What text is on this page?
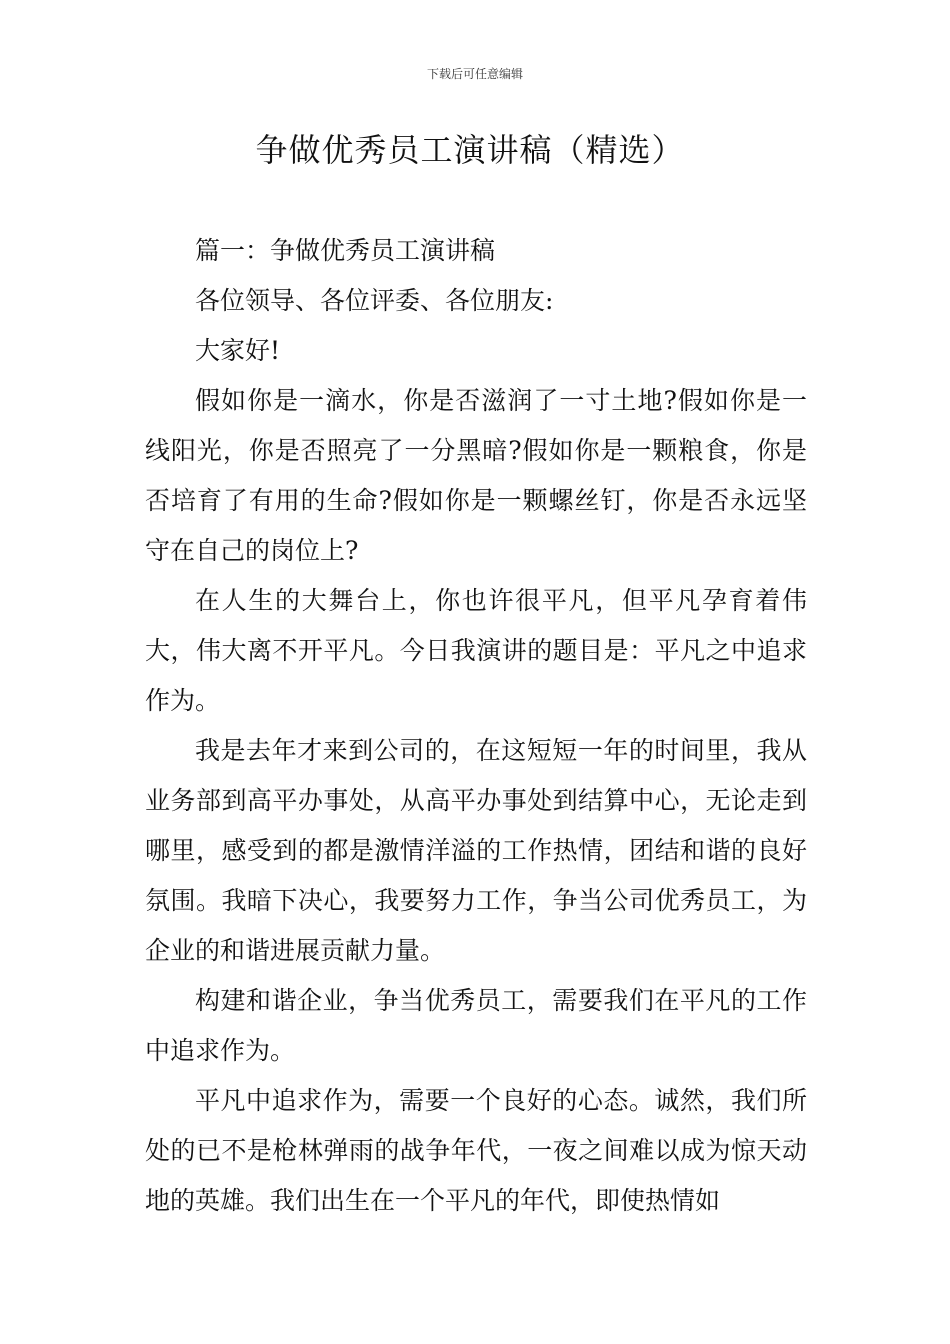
下载后可任意编辑
争做优秀员工演讲稿（精选）

篇一：争做优秀员工演讲稿

各位领导、各位评委、各位朋友:

大家好!

假如你是一滴水，你是否滋润了一寸土地?假如你是一线阳光，你是否照亮了一分黑暗?假如你是一颗粮食，你是否培育了有用的生命?假如你是一颗螺丝钉，你是否永远坚守在自己的岗位上?

在人生的大舞台上，你也许很平凡，但平凡孕育着伟大，伟大离不开平凡。今日我演讲的题目是：平凡之中追求作为。

我是去年才来到公司的，在这短短一年的时间里，我从业务部到高平办事处，从高平办事处到结算中心，无论走到哪里，感受到的都是激情洋溢的工作热情，团结和谐的良好氛围。我暗下决心，我要努力工作，争当公司优秀员工，为企业的和谐进展贡献力量。

构建和谐企业，争当优秀员工，需要我们在平凡的工作中追求作为。

平凡中追求作为，需要一个良好的心态。诚然，我们所处的已不是枪林弹雨的战争年代，一夜之间难以成为惊天动地的英雄。我们出生在一个平凡的年代，即使热情如
